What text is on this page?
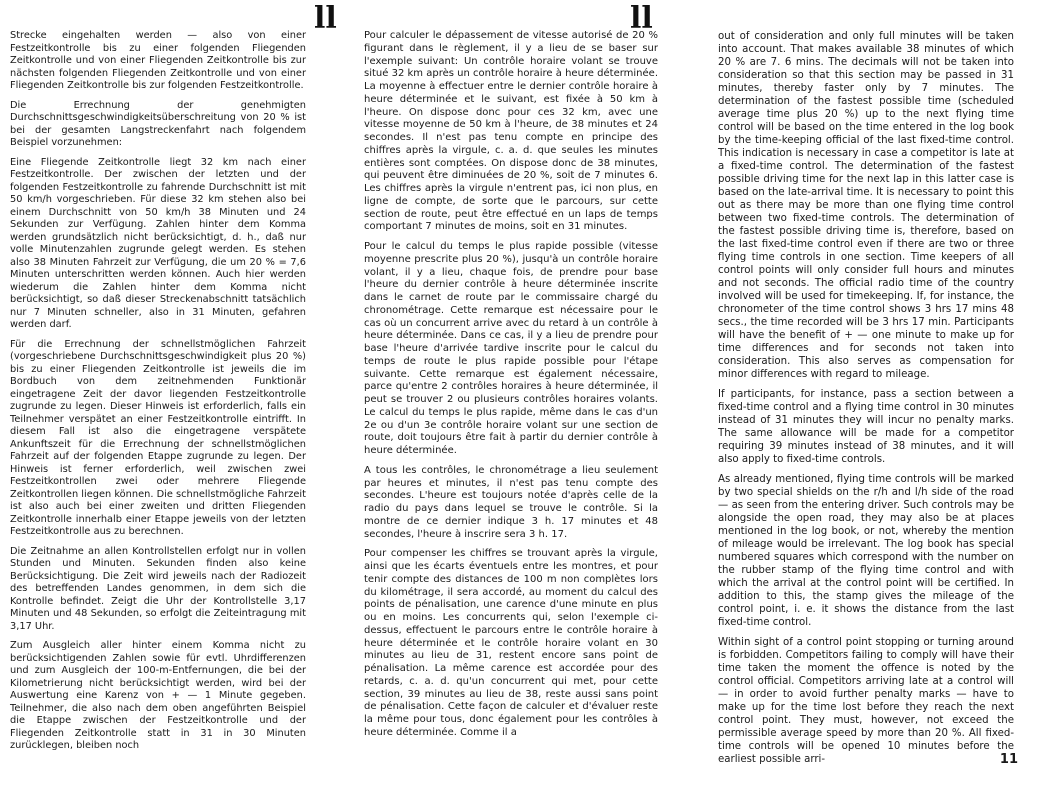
ll	ll

Strecke eingehalten werden — also von einer Festzeitkontrolle bis zu einer folgenden Fliegenden Zeitkontrolle und von einer Fliegenden Zeitkontrolle bis zur nächsten folgenden Fliegenden Zeitkontrolle und von einer Fliegenden Zeitkontrolle bis zur folgenden Festzeitkontrolle.

Die Errechnung der genehmigten Durchschnittsgeschwindigkeitsüberschreitung von 20 % ist bei der gesamten Langstreckenfahrt nach folgendem Beispiel vorzunehmen:

Eine Fliegende Zeitkontrolle liegt 32 km nach einer Festzeitkontrolle. Der zwischen der letzten und der folgenden Festzeitkontrolle zu fahrende Durchschnitt ist mit 50 km/h vorgeschrieben. Für diese 32 km stehen also bei einem Durchschnitt von 50 km/h 38 Minuten und 24 Sekunden zur Verfügung. Zahlen hinter dem Komma werden grundsätzlich nicht berücksichtigt, d. h., daß nur volle Minutenzahlen zugrunde gelegt werden. Es stehen also 38 Minuten Fahrzeit zur Verfügung, die um 20 % = 7,6 Minuten unterschritten werden können. Auch hier werden wiederum die Zahlen hinter dem Komma nicht berücksichtigt, so daß dieser Streckenabschnitt tatsächlich nur 7 Minuten schneller, also in 31 Minuten, gefahren werden darf.

Für die Errechnung der schnellstmöglichen Fahrzeit (vorgeschriebene Durchschnittsgeschwindigkeit plus 20 %) bis zu einer Fliegenden Zeitkontrolle ist jeweils die im Bordbuch von dem zeitnehmenden Funktionär eingetragene Zeit der davor liegenden Festzeitkontrolle zugrunde zu legen. Dieser Hinweis ist erforderlich, falls ein Teilnehmer verspätet an einer Festzeitkontrolle eintrifft. In diesem Fall ist also die eingetragene verspätete Ankunftszeit für die Errechnung der schnellstmöglichen Fahrzeit auf der folgenden Etappe zugrunde zu legen. Der Hinweis ist ferner erforderlich, weil zwischen zwei Festzeitkontrollen zwei oder mehrere Fliegende Zeitkontrollen liegen können. Die schnellstmögliche Fahrzeit ist also auch bei einer zweiten und dritten Fliegenden Zeitkontrolle innerhalb einer Etappe jeweils von der letzten Festzeitkontrolle aus zu berechnen.

Die Zeitnahme an allen Kontrollstellen erfolgt nur in vollen Stunden und Minuten. Sekunden finden also keine Berücksichtigung. Die Zeit wird jeweils nach der Radiozeit des betreffenden Landes genommen, in dem sich die Kontrolle befindet. Zeigt die Uhr der Kontrollstelle 3,17 Minuten und 48 Sekunden, so erfolgt die Zeiteintragung mit 3,17 Uhr.

Zum Ausgleich aller hinter einem Komma nicht zu berücksichtigenden Zahlen sowie für evtl. Uhrdifferenzen und zum Ausgleich der 100-m-Entfernungen, die bei der Kilometrierung nicht berücksichtigt werden, wird bei der Auswertung eine Karenz von + — 1 Minute gegeben. Teilnehmer, die also nach dem oben angeführten Beispiel die Etappe zwischen der Festzeitkontrolle und der Fliegenden Zeitkontrolle statt in 31 in 30 Minuten zurücklegen, bleiben noch

Pour calculer le dépassement de vitesse autorisé de 20 % figurant dans le règlement, il y a lieu de se baser sur l'exemple suivant: Un contrôle horaire volant se trouve situé 32 km après un contrôle horaire à heure déterminée. La moyenne à effectuer entre le dernier contrôle horaire à heure déterminée et le suivant, est fixée à 50 km à l'heure. On dispose donc pour ces 32 km, avec une vitesse moyenne de 50 km à l'heure, de 38 minutes et 24 secondes. Il n'est pas tenu compte en principe des chiffres après la virgule, c. a. d. que seules les minutes entières sont comptées. On dispose donc de 38 minutes, qui peuvent être diminuées de 20 %, soit de 7 minutes 6. Les chiffres après la virgule n'entrent pas, ici non plus, en ligne de compte, de sorte que le parcours, sur cette section de route, peut être effectué en un laps de temps comportant 7 minutes de moins, soit en 31 minutes.

Pour le calcul du temps le plus rapide possible (vitesse moyenne prescrite plus 20 %), jusqu'à un contrôle horaire volant, il y a lieu, chaque fois, de prendre pour base l'heure du dernier contrôle à heure déterminée inscrite dans le carnet de route par le commissaire chargé du chronométrage. Cette remarque est nécessaire pour le cas où un concurrent arrive avec du retard à un contrôle à heure déterminée. Dans ce cas, il y a lieu de prendre pour base l'heure d'arrivée tardive inscrite pour le calcul du temps de route le plus rapide possible pour l'étape suivante. Cette remarque est également nécessaire, parce qu'entre 2 contrôles horaires à heure déterminée, il peut se trouver 2 ou plusieurs contrôles horaires volants. Le calcul du temps le plus rapide, même dans le cas d'un 2e ou d'un 3e contrôle horaire volant sur une section de route, doit toujours être fait à partir du dernier contrôle à heure déterminée.

A tous les contrôles, le chronométrage a lieu seulement par heures et minutes, il n'est pas tenu compte des secondes. L'heure est toujours notée d'après celle de la radio du pays dans lequel se trouve le contrôle. Si la montre de ce dernier indique 3 h. 17 minutes et 48 secondes, l'heure à inscrire sera 3 h. 17.

Pour compenser les chiffres se trouvant après la virgule, ainsi que les écarts éventuels entre les montres, et pour tenir compte des distances de 100 m non complètes lors du kilométrage, il sera accordé, au moment du calcul des points de pénalisation, une carence d'une minute en plus ou en moins. Les concurrents qui, selon l'exemple ci-dessus, effectuent le parcours entre le contrôle horaire à heure déterminée et le contrôle horaire volant en 30 minutes au lieu de 31, restent encore sans point de pénalisation. La même carence est accordée pour des retards, c. a. d. qu'un concurrent qui met, pour cette section, 39 minutes au lieu de 38, reste aussi sans point de pénalisation. Cette façon de calculer et d'évaluer reste la même pour tous, donc également pour les contrôles à heure déterminée. Comme il a

out of consideration and only full minutes will be taken into account. That makes available 38 minutes of which 20 % are 7. 6 mins. The decimals will not be taken into consideration so that this section may be passed in 31 minutes, thereby faster only by 7 minutes. The determination of the fastest possible time (scheduled average time plus 20 %) up to the next flying time control will be based on the time entered in the log book by the time-keeping official of the last fixed-time control. This indication is necessary in case a competitor is late at a fixed-time control. The determination of the fastest possible driving time for the next lap in this latter case is based on the late-arrival time. It is necessary to point this out as there may be more than one flying time control between two fixed-time controls. The determination of the fastest possible driving time is, therefore, based on the last fixed-time control even if there are two or three flying time controls in one section. Time keepers of all control points will only consider full hours and minutes and not seconds. The official radio time of the country involved will be used for timekeeping. If, for instance, the chronometer of the time control shows 3 hrs 17 mins 48 secs., the time recorded will be 3 hrs 17 min. Participants will have the benefit of + — one minute to make up for time differences and for seconds not taken into consideration. This also serves as compensation for minor differences with regard to mileage.

If participants, for instance, pass a section between a fixed-time control and a flying time control in 30 minutes instead of 31 minutes they will incur no penalty marks. The same allowance will be made for a competitor requiring 39 minutes instead of 38 minutes, and it will also apply to fixed-time controls.

As already mentioned, flying time controls will be marked by two special shields on the r/h and l/h side of the road — as seen from the entering driver. Such controls may be alongside the open road, they may also be at places mentioned in the log book, or not, whereby the mention of mileage would be irrelevant. The log book has special numbered squares which correspond with the number on the rubber stamp of the flying time control and with which the arrival at the control point will be certified. In addition to this, the stamp gives the mileage of the control point, i. e. it shows the distance from the last fixed-time control.

Within sight of a control point stopping or turning around is forbidden. Competitors failing to comply will have their time taken the moment the offence is noted by the control official. Competitors arriving late at a control will — in order to avoid further penalty marks — have to make up for the time lost before they reach the next control point. They must, however, not exceed the permissible average speed by more than 20 %. All fixed-time controls will be opened 10 minutes before the earliest possible arri-	11
